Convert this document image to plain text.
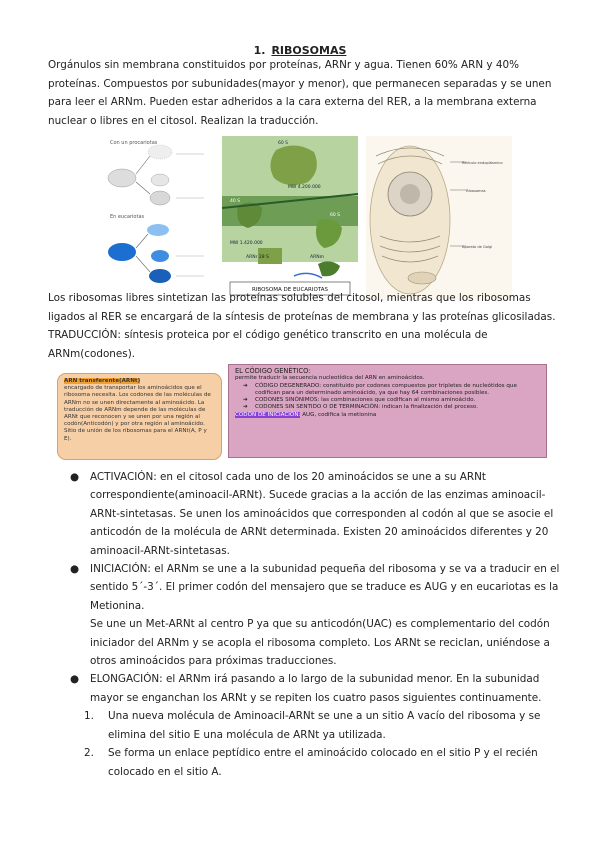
1. RIBOSOMAS
Orgánulos sin membrana constituidos por proteínas, ARNr y agua. Tienen 60% ARN y 40% proteínas. Compuestos por subunidades(mayor y menor), que permanecen separadas y se unen para leer el ARNm. Pueden estar adheridos a la cara externa del RER, a la membrana externa nuclear o libres en el citosol. Realizan la traducción.
Con un procariotas
En eucariotas
60 S
40 S
60 S
MW 4.200.000
MW 1.420.000
ARNr 28 S	ARNm
RIBOSOMA DE EUCARIOTAS
Retículo endoplásmico
Ribosomas
Aparato de Golgi
Los ribosomas libres sintetizan las proteínas solubles del citosol, mientras que los ribosomas ligados al RER se encargará de la síntesis de proteínas de membrana y las proteínas glicosiladas. TRADUCCIÓN: síntesis proteica por el código genético transcrito en una molécula de ARNm(codones).
ARN transferente(ARNt)
encargado de transportar los aminoácidos que el ribosoma necesita. Los codones de las moléculas de ARNm no se unen directamente al aminoácido. La traducción de ARNm depende de las moléculas de ARNt que reconocen y se unen por una región al codón(Anticodón) y por otra región al aminoácido. Sitio de unión de los ribosomas para el ARNt(A, P y E).
EL CÓDIGO GENÉTICO:
permite traducir la secuencia nucleotídica del ARN en aminoácidos.
➔ CÓDIGO DEGENERADO: constituido por codones compuestos por tripletes de nucleótidos que codifican para un determinado aminoácido, ya que hay 64 combinaciones posibles.
➔ CODONES SINÓNIMOS: las combinaciones que codifican al mismo aminoácido.
➔ CODONES SIN SENTIDO O DE TERMINACIÓN: indican la finalización del proceso.
CODÓN DE INICIACIÓN: AUG, codifica la metionina
● ACTIVACIÓN: en el citosol cada uno de los 20 aminoácidos se une a su ARNt correspondiente(aminoacil-ARNt). Sucede gracias a la acción de las enzimas aminoacil-ARNt-sintetasas. Se unen los aminoácidos que corresponden al codón al que se asocie el anticodón de la molécula de ARNt determinada. Existen 20 aminoácidos diferentes y 20 aminoacil-ARNt-sintetasas.
● INICIACIÓN: el ARNm se une a la subunidad pequeña del ribosoma y se va a traducir en el sentido 5´-3´. El primer codón del mensajero que se traduce es AUG y en eucariotas es la Metionina.
Se une un Met-ARNt al centro P ya que su anticodón(UAC) es complementario del codón iniciador del ARNm y se acopla el ribosoma completo. Los ARNt se reciclan, uniéndose a otros aminoácidos para próximas traducciones.
● ELONGACIÓN: el ARNm irá pasando a lo largo de la subunidad menor. En la subunidad mayor se enganchan los ARNt y se repiten los cuatro pasos siguientes continuamente.
1. Una nueva molécula de Aminoacil-ARNt se une a un sitio A vacío del ribosoma y se elimina del sitio E una molécula de ARNt ya utilizada.
2. Se forma un enlace peptídico entre el aminoácido colocado en el sitio P y el recién colocado en el sitio A.
